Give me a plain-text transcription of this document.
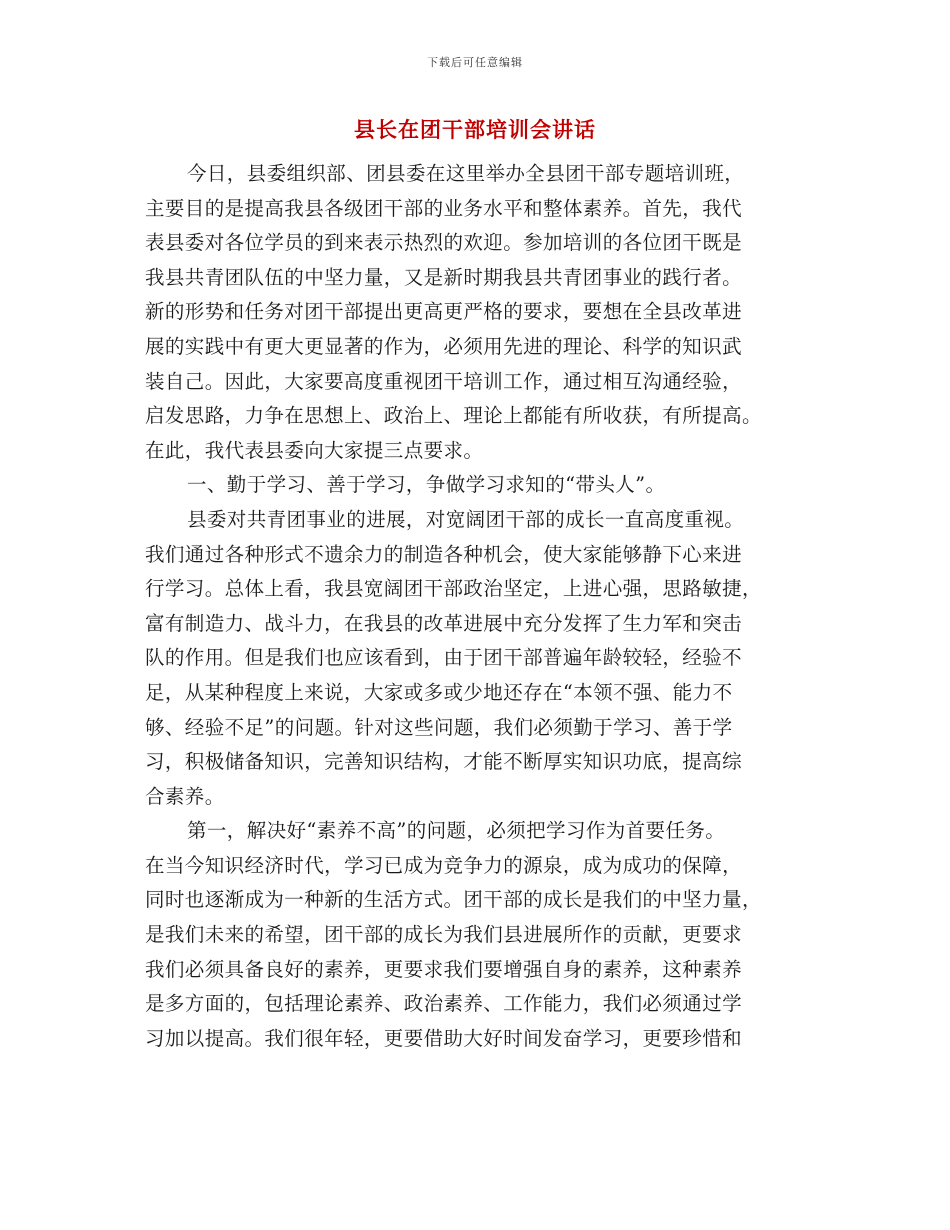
下载后可任意编辑
县长在团干部培训会讲话
今日，县委组织部、团县委在这里举办全县团干部专题培训班，
主要目的是提高我县各级团干部的业务水平和整体素养。首先，我代
表县委对各位学员的到来表示热烈的欢迎。参加培训的各位团干既是
我县共青团队伍的中坚力量，又是新时期我县共青团事业的践行者。
新的形势和任务对团干部提出更高更严格的要求，要想在全县改革进
展的实践中有更大更显著的作为，必须用先进的理论、科学的知识武
装自己。因此，大家要高度重视团干培训工作，通过相互沟通经验，
启发思路，力争在思想上、政治上、理论上都能有所收获，有所提高。
在此，我代表县委向大家提三点要求。
一、勤于学习、善于学习，争做学习求知的“带头人”。
县委对共青团事业的进展，对宽阔团干部的成长一直高度重视。
我们通过各种形式不遗余力的制造各种机会，使大家能够静下心来进
行学习。总体上看，我县宽阔团干部政治坚定，上进心强，思路敏捷，
富有制造力、战斗力，在我县的改革进展中充分发挥了生力军和突击
队的作用。但是我们也应该看到，由于团干部普遍年龄较轻，经验不
足，从某种程度上来说，大家或多或少地还存在“本领不强、能力不
够、经验不足”的问题。针对这些问题，我们必须勤于学习、善于学
习，积极储备知识，完善知识结构，才能不断厚实知识功底，提高综
合素养。
第一，解决好“素养不高”的问题，必须把学习作为首要任务。
在当今知识经济时代，学习已成为竞争力的源泉，成为成功的保障，
同时也逐渐成为一种新的生活方式。团干部的成长是我们的中坚力量，
是我们未来的希望，团干部的成长为我们县进展所作的贡献，更要求
我们必须具备良好的素养，更要求我们要增强自身的素养，这种素养
是多方面的，包括理论素养、政治素养、工作能力，我们必须通过学
习加以提高。我们很年轻，更要借助大好时间发奋学习，更要珍惜和
